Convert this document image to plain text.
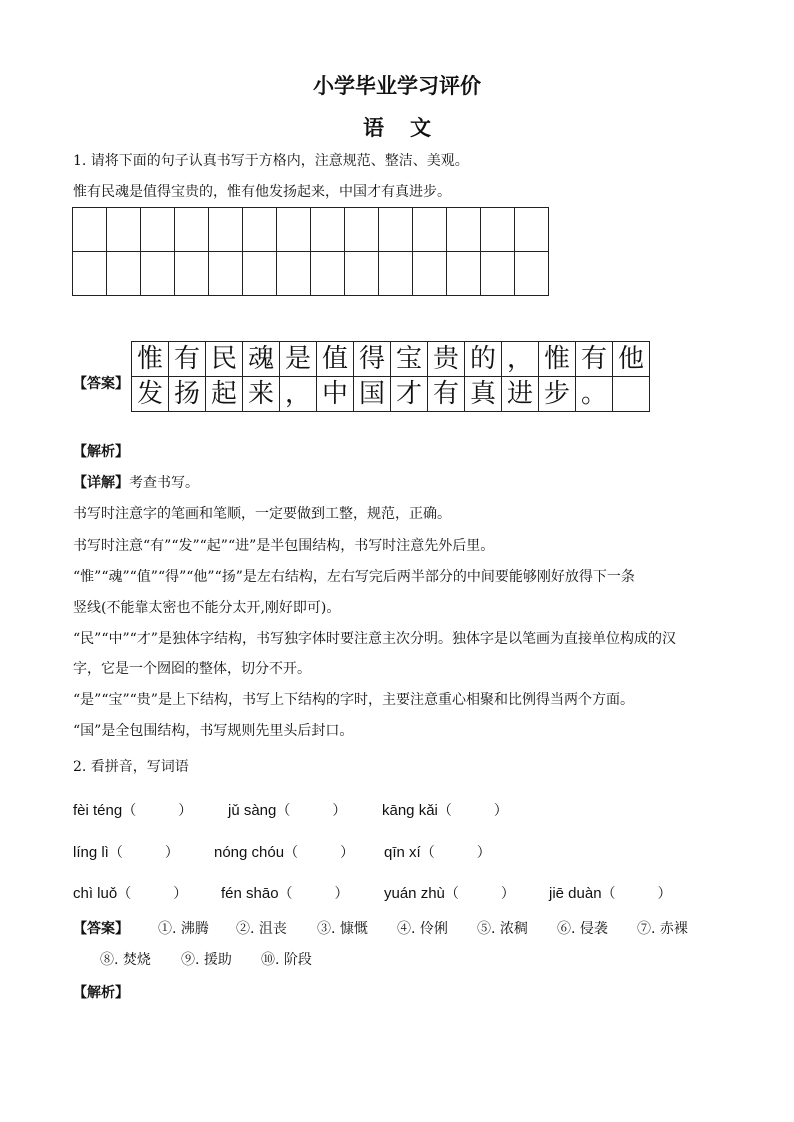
小学毕业学习评价
语文
1. 请将下面的句子认真书写于方格内，注意规范、整洁、美观。
惟有民魂是值得宝贵的，惟有他发扬起来，中国才有真进步。

【答案】
惟	有	民	魂	是	值	得	宝	贵	的	，	惟	有	他
发	扬	起	来	，	中	国	才	有	真	进	步	。	
【解析】
【详解】考查书写。
书写时注意字的笔画和笔顺，一定要做到工整，规范，正确。
书写时注意“有”“发”“起”“进”是半包围结构，书写时注意先外后里。
“惟”“魂”“值”“得”“他”“扬”是左右结构，左右写完后两半部分的中间要能够刚好放得下一条
竖线(不能靠太密也不能分太开,刚好即可)。
“民”“中”“才”是独体字结构，书写独字体时要注意主次分明。独体字是以笔画为直接单位构成的汉
字，它是一个囫囵的整体，切分不开。
“是”“宝”“贵”是上下结构，书写上下结构的字时，主要注意重心相聚和比例得当两个方面。
“国”是全包围结构，书写规则先里头后封口。
2. 看拼音，写词语
fèi téng（	） jǔ sàng（	） kāng kǎi（	）
líng lì（	） nóng chóu（	） qīn xí（	）
chì luǒ（	） fén shāo（	） yuán zhù（	） jiē duàn（	）
【答案】 ①. 沸腾 ②. 沮丧 ③. 慷慨 ④. 伶俐 ⑤. 浓稠 ⑥. 侵袭 ⑦. 赤裸
⑧. 焚烧 ⑨. 援助 ⑩. 阶段
【解析】
